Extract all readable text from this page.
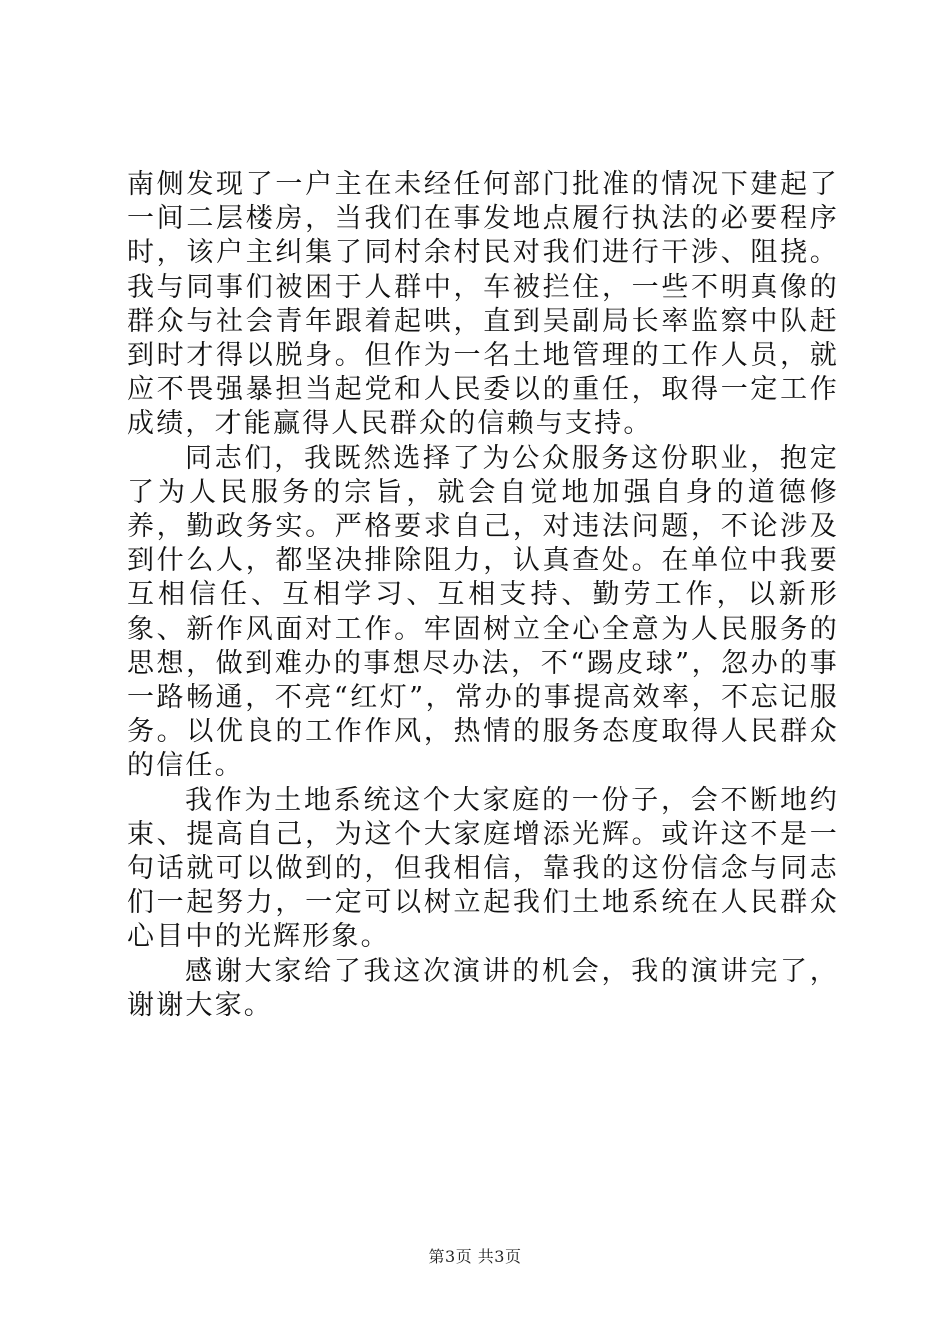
南侧发现了一户主在未经任何部门批准的情况下建起了一间二层楼房，当我们在事发地点履行执法的必要程序时，该户主纠集了同村余村民对我们进行干涉、阻挠。我与同事们被困于人群中，车被拦住，一些不明真像的群众与社会青年跟着起哄，直到吴副局长率监察中队赶到时才得以脱身。但作为一名土地管理的工作人员，就应不畏强暴担当起党和人民委以的重任，取得一定工作成绩，才能赢得人民群众的信赖与支持。

同志们，我既然选择了为公众服务这份职业，抱定了为人民服务的宗旨，就会自觉地加强自身的道德修养，勤政务实。严格要求自己，对违法问题，不论涉及到什么人，都坚决排除阻力，认真查处。在单位中我要互相信任、互相学习、互相支持、勤劳工作，以新形象、新作风面对工作。牢固树立全心全意为人民服务的思想，做到难办的事想尽办法，不“踢皮球”，忽办的事一路畅通，不亮“红灯”，常办的事提高效率，不忘记服务。以优良的工作作风，热情的服务态度取得人民群众的信任。

我作为土地系统这个大家庭的一份子，会不断地约束、提高自己，为这个大家庭增添光辉。或许这不是一句话就可以做到的，但我相信，靠我的这份信念与同志们一起努力，一定可以树立起我们土地系统在人民群众心目中的光辉形象。

感谢大家给了我这次演讲的机会，我的演讲完了，谢谢大家。

第3页 共3页
